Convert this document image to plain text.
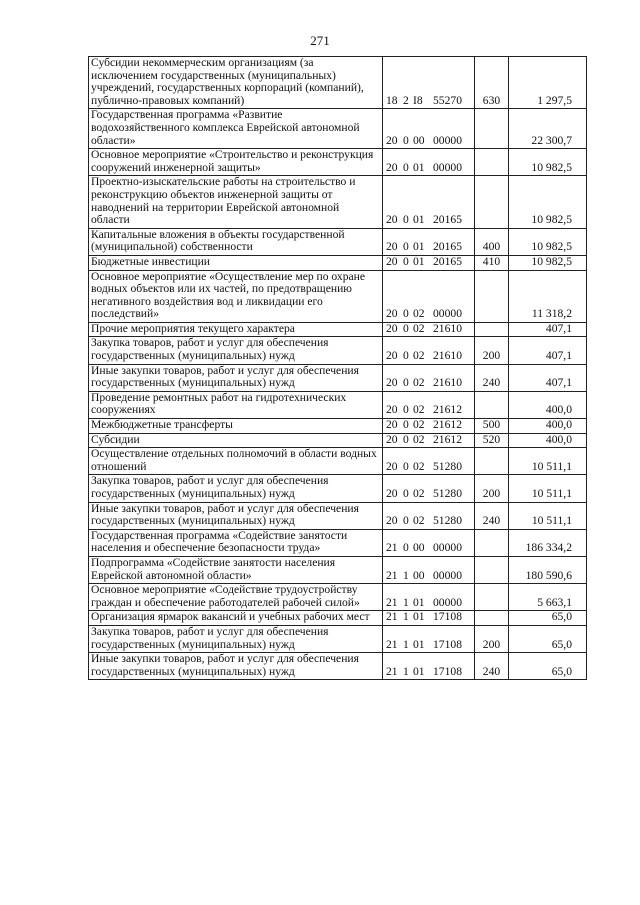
271
Субсидии некоммерческим организациям (за исключением государственных (муниципальных) учреждений, государственных корпораций (компаний), публично-правовых компаний)	18 2 I8 55270	630	1 297,5
Государственная программа «Развитие водохозяйственного комплекса Еврейской автономной области»	20 0 00 00000		22 300,7
Основное мероприятие «Строительство и реконструкция сооружений инженерной защиты»	20 0 01 00000		10 982,5
Проектно-изыскательские работы на строительство и реконструкцию объектов инженерной защиты от наводнений на территории Еврейской автономной области	20 0 01 20165		10 982,5
Капитальные вложения в объекты государственной (муниципальной) собственности	20 0 01 20165	400	10 982,5
Бюджетные инвестиции	20 0 01 20165	410	10 982,5
Основное мероприятие «Осуществление мер по охране водных объектов или их частей, по предотвращению негативного воздействия вод и ликвидации его последствий»	20 0 02 00000		11 318,2
Прочие мероприятия текущего характера	20 0 02 21610		407,1
Закупка товаров, работ и услуг для обеспечения государственных (муниципальных) нужд	20 0 02 21610	200	407,1
Иные закупки товаров, работ и услуг для обеспечения государственных (муниципальных) нужд	20 0 02 21610	240	407,1
Проведение ремонтных работ на гидротехнических сооружениях	20 0 02 21612		400,0
Межбюджетные трансферты	20 0 02 21612	500	400,0
Субсидии	20 0 02 21612	520	400,0
Осуществление отдельных полномочий в области водных отношений	20 0 02 51280		10 511,1
Закупка товаров, работ и услуг для обеспечения государственных (муниципальных) нужд	20 0 02 51280	200	10 511,1
Иные закупки товаров, работ и услуг для обеспечения государственных (муниципальных) нужд	20 0 02 51280	240	10 511,1
Государственная программа «Содействие занятости населения и обеспечение безопасности труда»	21 0 00 00000		186 334,2
Подпрограмма «Содействие занятости населения Еврейской автономной области»	21 1 00 00000		180 590,6
Основное мероприятие «Содействие трудоустройству граждан и обеспечение работодателей рабочей силой»	21 1 01 00000		5 663,1
Организация ярмарок вакансий и учебных рабочих мест	21 1 01 17108		65,0
Закупка товаров, работ и услуг для обеспечения государственных (муниципальных) нужд	21 1 01 17108	200	65,0
Иные закупки товаров, работ и услуг для обеспечения государственных (муниципальных) нужд	21 1 01 17108	240	65,0
